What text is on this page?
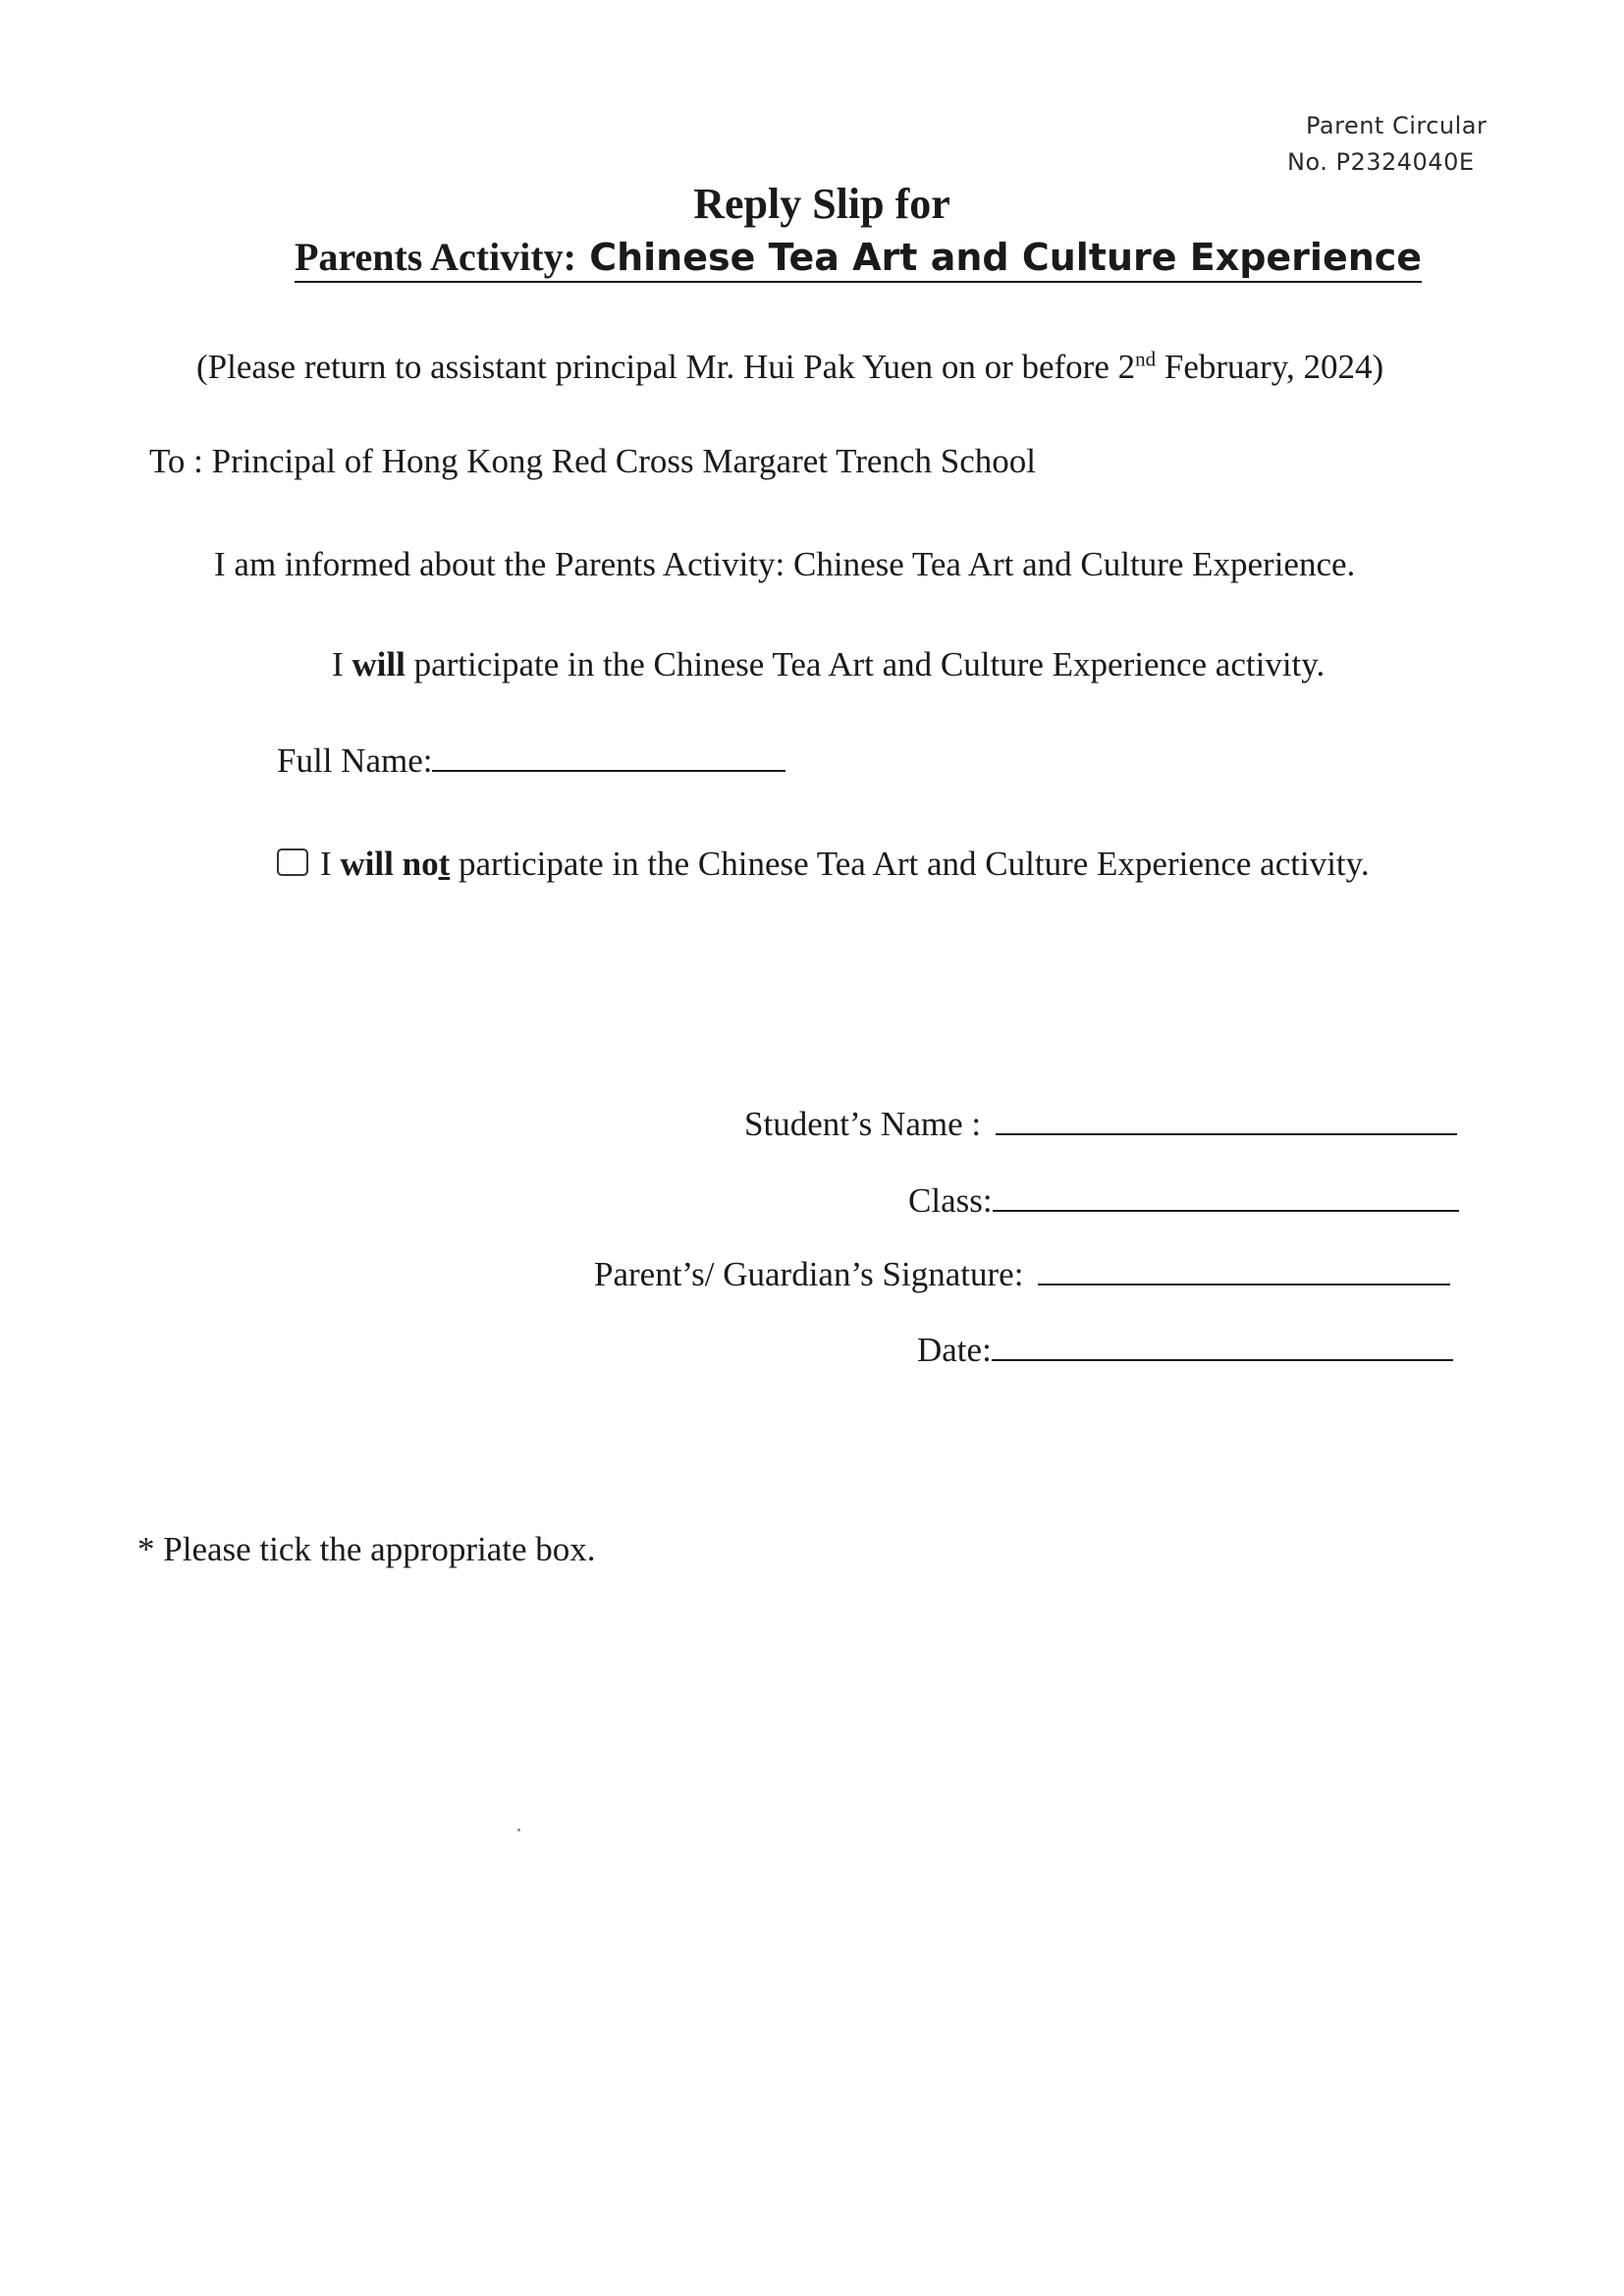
Parent Circular
No. P2324040E
Reply Slip for
Parents Activity: Chinese Tea Art and Culture Experience
(Please return to assistant principal Mr. Hui Pak Yuen on or before 2nd February, 2024)
To : Principal of Hong Kong Red Cross Margaret Trench School
I am informed about the Parents Activity: Chinese Tea Art and Culture Experience.
I will participate in the Chinese Tea Art and Culture Experience activity.
Full Name:
I will not participate in the Chinese Tea Art and Culture Experience activity.
Student’s Name :
Class:
Parent’s/ Guardian’s Signature:
Date:
* Please tick the appropriate box.
